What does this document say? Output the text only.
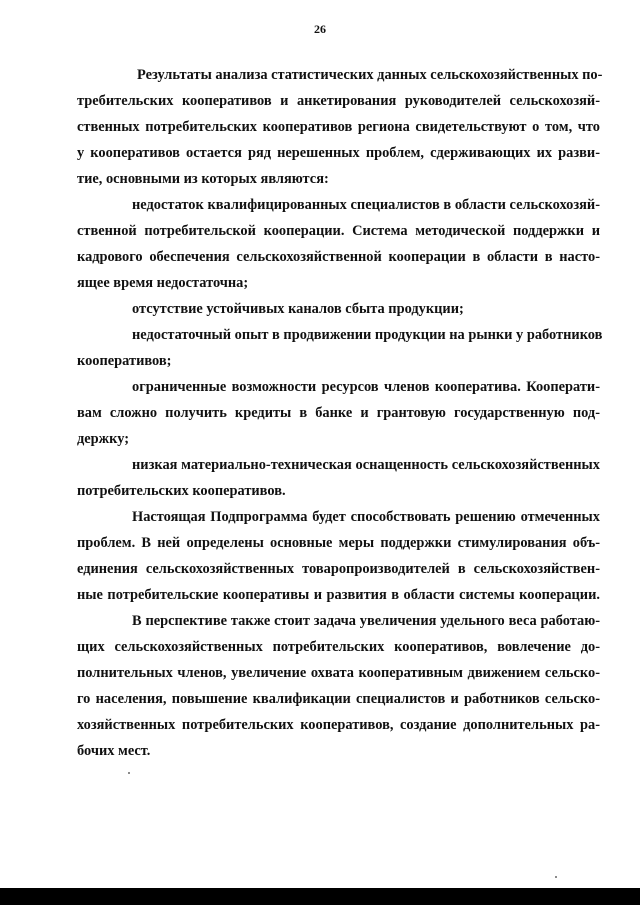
26
Результаты анализа статистических данных сельскохозяйственных по-
требительских кооперативов и анкетирования руководителей сельскохозяй-
ственных потребительских кооперативов региона свидетельствуют о том, что
у кооперативов остается ряд нерешенных проблем, сдерживающих их разви-
тие, основными из которых являются:
недостаток квалифицированных специалистов в области сельскохозяй-
ственной потребительской кооперации. Система методической поддержки и
кадрового обеспечения сельскохозяйственной кооперации в области в насто-
ящее время недостаточна;
отсутствие устойчивых каналов сбыта продукции;
недостаточный опыт в продвижении продукции на рынки у работников
кооперативов;
ограниченные возможности ресурсов членов кооператива. Кооперати-
вам сложно получить кредиты в банке и грантовую государственную под-
держку;
низкая материально-техническая оснащенность сельскохозяйственных
потребительских кооперативов.
Настоящая Подпрограмма будет способствовать решению отмеченных
проблем. В ней определены основные меры поддержки стимулирования объ-
единения сельскохозяйственных товаропроизводителей в сельскохозяйствен-
ные потребительские кооперативы и развития в области системы кооперации.
В перспективе также стоит задача увеличения удельного веса работаю-
щих сельскохозяйственных потребительских кооперативов, вовлечение до-
полнительных членов, увеличение охвата кооперативным движением сельско-
го населения, повышение квалификации специалистов и работников сельско-
хозяйственных потребительских кооперативов, создание дополнительных ра-
бочих мест.
